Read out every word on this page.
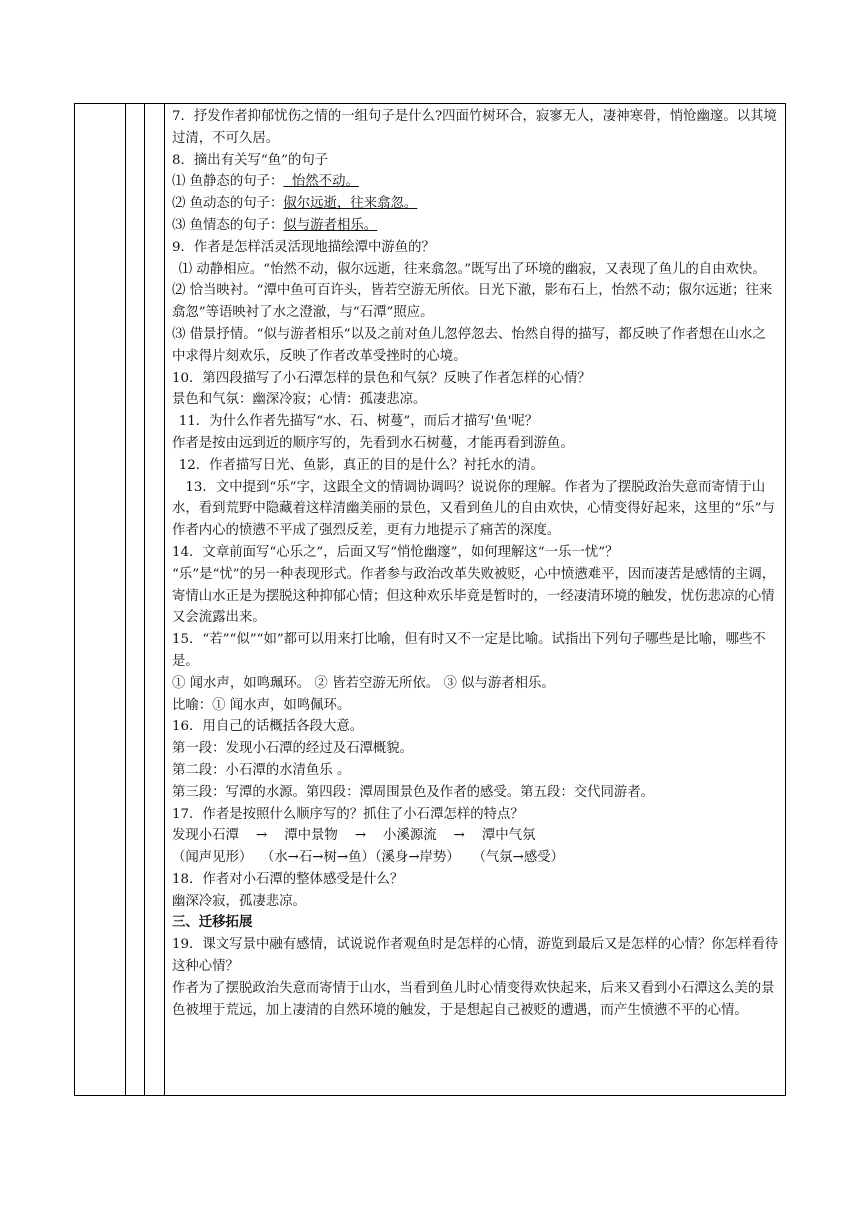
7．抒发作者抑郁忧伤之情的一组句子是什么?四面竹树环合，寂寥无人，凄神寒骨，悄怆幽邃。以其境过清，不可久居。

8．摘出有关写“鱼”的句子

⑴ 鱼静态的句子：  怡然不动。

⑵ 鱼动态的句子：俶尔远逝，往来翕忽。

⑶ 鱼情态的句子：似与游者相乐。

9．作者是怎样活灵活现地描绘潭中游鱼的？

⑴ 动静相应。“怡然不动，俶尔远逝，往来翕忽。”既写出了环境的幽寂，又表现了鱼儿的自由欢快。

⑵ 恰当映衬。“潭中鱼可百许头，皆若空游无所依。日光下澈，影布石上，怡然不动；俶尔远逝；往来翕忽”等语映衬了水之澄澈，与“石潭”照应。

⑶ 借景抒情。“似与游者相乐”以及之前对鱼儿忽停忽去、怡然自得的描写，都反映了作者想在山水之中求得片刻欢乐，反映了作者改革受挫时的心境。

10．第四段描写了小石潭怎样的景色和气氛？反映了作者怎样的心情？

景色和气氛：幽深冷寂；心情：孤凄悲凉。

11．为什么作者先描写“水、石、树蔓”，而后才描写'鱼'呢？

作者是按由远到近的顺序写的，先看到水石树蔓，才能再看到游鱼。

12．作者描写日光、鱼影，真正的目的是什么？衬托水的清。

13．文中提到“乐”字，这跟全文的情调协调吗？说说你的理解。作者为了摆脱政治失意而寄情于山水，看到荒野中隐藏着这样清幽美丽的景色，又看到鱼儿的自由欢快，心情变得好起来，这里的“乐”与作者内心的愤懑不平成了强烈反差，更有力地提示了痛苦的深度。

14．文章前面写“心乐之”，后面又写“悄怆幽邃”，如何理解这“一乐一忧”？

“乐”是“忧”的另一种表现形式。作者参与政治改革失败被贬，心中愤懑难平，因而凄苦是感情的主调，寄情山水正是为摆脱这种抑郁心情；但这种欢乐毕竟是暂时的，一经凄清环境的触发，忧伤悲凉的心情又会流露出来。

15．“若”“似”“如”都可以用来打比喻，但有时又不一定是比喻。试指出下列句子哪些是比喻，哪些不是。

① 闻水声，如鸣珮环。 ② 皆若空游无所依。 ③ 似与游者相乐。

比喻：① 闻水声，如鸣佩环。

16．用自己的话概括各段大意。

第一段：发现小石潭的经过及石潭概貌。

第二段：小石潭的水清鱼乐 。

第三段：写潭的水源。第四段：潭周围景色及作者的感受。第五段：交代同游者。

17．作者是按照什么顺序写的？抓住了小石潭怎样的特点？

发现小石潭    →    潭中景物    →    小溪源流    →    潭中气氛

（闻声见形）  （水→石→树→鱼）（溪身→岸势）   （气氛→感受）

18．作者对小石潭的整体感受是什么？

幽深冷寂，孤凄悲凉。

三、迁移拓展

19．课文写景中融有感情，试说说作者观鱼时是怎样的心情，游览到最后又是怎样的心情？你怎样看待这种心情？

作者为了摆脱政治失意而寄情于山水，当看到鱼儿时心情变得欢快起来，后来又看到小石潭这么美的景色被埋于荒远，加上凄清的自然环境的触发，于是想起自己被贬的遭遇，而产生愤懑不平的心情。
